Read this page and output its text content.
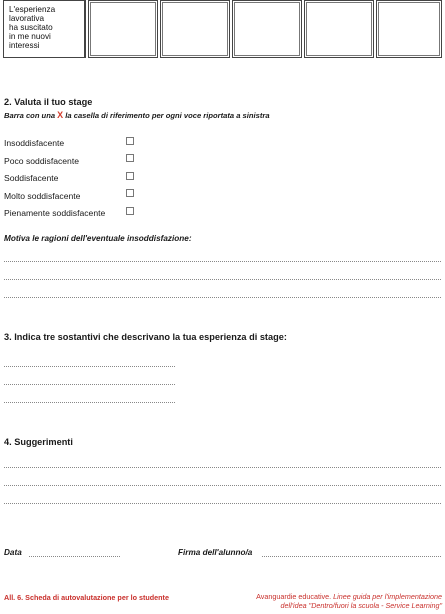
L'esperienza
lavorativa
ha suscitato
in me nuovi
interessi
2. Valuta il tuo stage
Barra con una X la casella di riferimento per ogni voce riportata a sinistra
Insoddisfacente
Poco soddisfacente
Soddisfacente
Molto soddisfacente
Pienamente soddisfacente
Motiva le ragioni dell'eventuale insoddisfazione:
3. Indica tre sostantivi che descrivano la tua esperienza di stage:
4. Suggerimenti
Data	Firma dell'alunno/a
All. 6. Scheda di autovalutazione per lo studente	Avanguardie educative. Linee guida per l'implementazione
dell'idea "Dentro/fuori la scuola - Service Learning"
